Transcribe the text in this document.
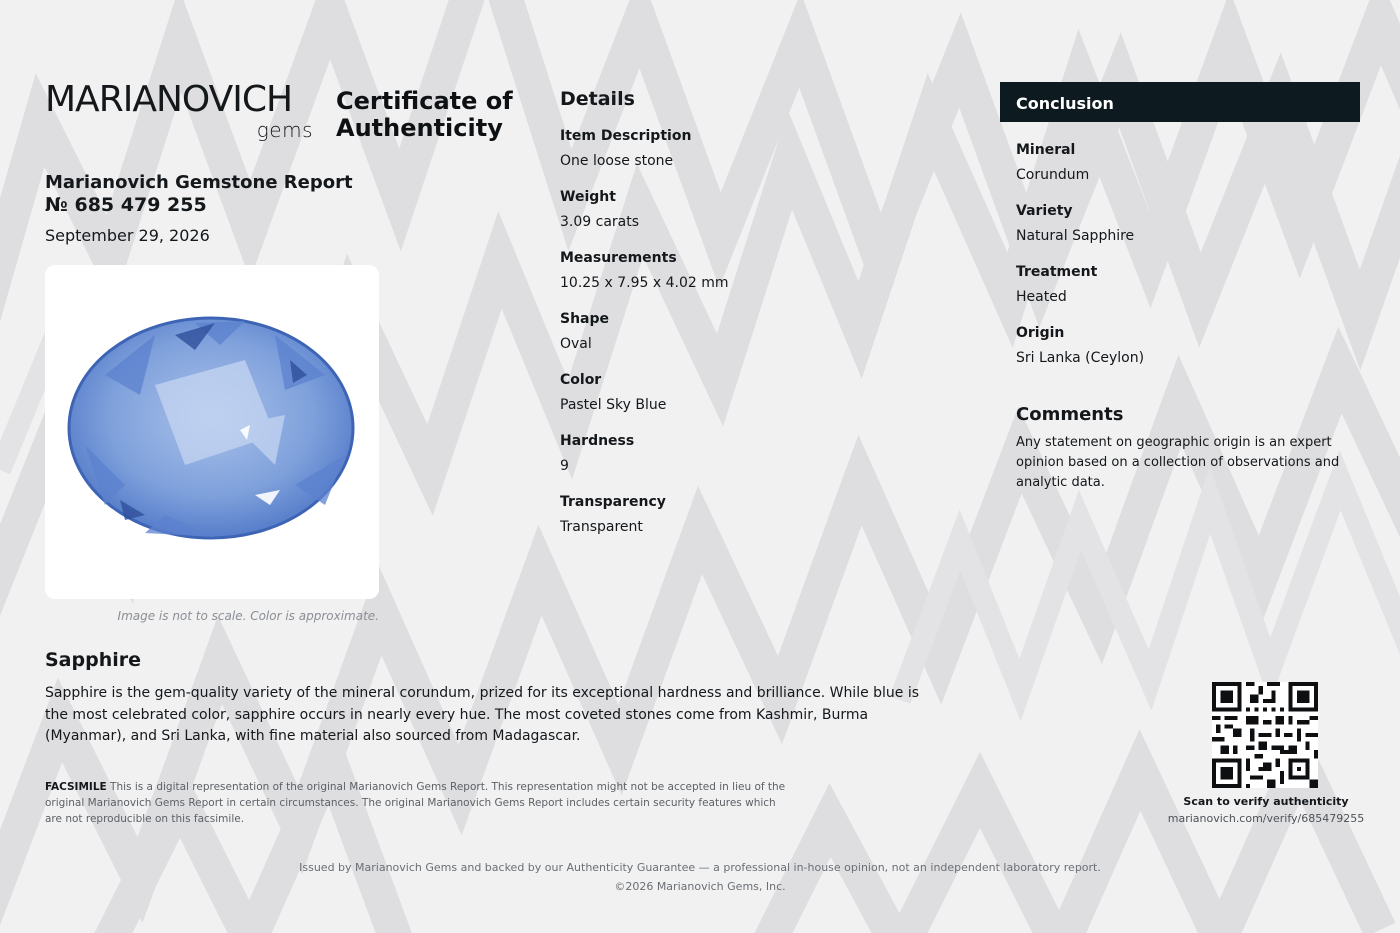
MARIANOVICH
gems
Certificate of
Authenticity
Marianovich Gemstone Report
№ 685 479 255
September 29, 2026
Image is not to scale. Color is approximate.
Details
Item Description
One loose stone
Weight
3.09 carats
Measurements
10.25 x 7.95 x 4.02 mm
Shape
Oval
Color
Pastel Sky Blue
Hardness
9
Transparency
Transparent
Conclusion
Mineral
Corundum
Variety
Natural Sapphire
Treatment
Heated
Origin
Sri Lanka (Ceylon)
Comments
Any statement on geographic origin is an expert opinion based on a collection of observations and analytic data.
Sapphire
Sapphire is the gem-quality variety of the mineral corundum, prized for its exceptional hardness and brilliance. While blue is the most celebrated color, sapphire occurs in nearly every hue. The most coveted stones come from Kashmir, Burma (Myanmar), and Sri Lanka, with fine material also sourced from Madagascar.
FACSIMILE This is a digital representation of the original Marianovich Gems Report. This representation might not be accepted in lieu of the original Marianovich Gems Report in certain circumstances. The original Marianovich Gems Report includes certain security features which are not reproducible on this facsimile.
Scan to verify authenticity
marianovich.com/verify/685479255
Issued by Marianovich Gems and backed by our Authenticity Guarantee — a professional in-house opinion, not an independent laboratory report.
©2026 Marianovich Gems, Inc.
